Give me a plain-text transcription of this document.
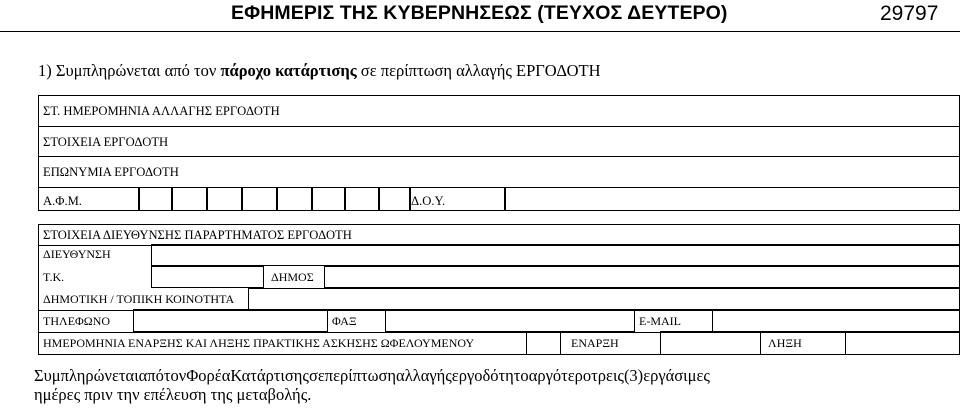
ΕΦΗΜΕΡΙΣ ΤΗΣ ΚΥΒΕΡΝΗΣΕΩΣ (ΤΕΥΧΟΣ ΔΕΥΤΕΡΟ)	29797
1) Συμπληρώνεται από τον πάροχο κατάρτισης σε περίπτωση αλλαγής ΕΡΓΟΔΟΤΗ
ΣΤ. ΗΜΕΡΟΜΗΝΙΑ ΑΛΛΑΓΗΣ ΕΡΓΟΔΟΤΗ
ΣΤΟΙΧΕΙΑ ΕΡΓΟΔΟΤΗ
ΕΠΩΝΥΜΙΑ ΕΡΓΟΔΟΤΗ
Α.Φ.Μ.	Δ.Ο.Υ.
ΣΤΟΙΧΕΙΑ ΔΙΕΥΘΥΝΣΗΣ ΠΑΡΑΡΤΗΜΑΤΟΣ ΕΡΓΟΔΟΤΗ
ΔΙΕΥΘΥΝΣΗ
Τ.Κ.	ΔΗΜΟΣ
ΔΗΜΟΤΙΚΗ / ΤΟΠΙΚΗ ΚΟΙΝΟΤΗΤΑ
ΤΗΛΕΦΩΝΟ	ΦΑΞ	E-MAIL
ΗΜΕΡΟΜΗΝΙΑ ΕΝΑΡΞΗΣ ΚΑΙ ΛΗΞΗΣ ΠΡΑΚΤΙΚΗΣ ΑΣΚΗΣΗΣ ΩΦΕΛΟΥΜΕΝΟΥ	ΕΝΑΡΞΗ	ΛΗΞΗ
ΣυμπληρώνεταιαπότονΦορέαΚατάρτισηςσεπερίπτωσηαλλαγήςεργοδότητοαργότεροτρεις(3)εργάσιμες
ημέρες πριν την επέλευση της μεταβολής.
